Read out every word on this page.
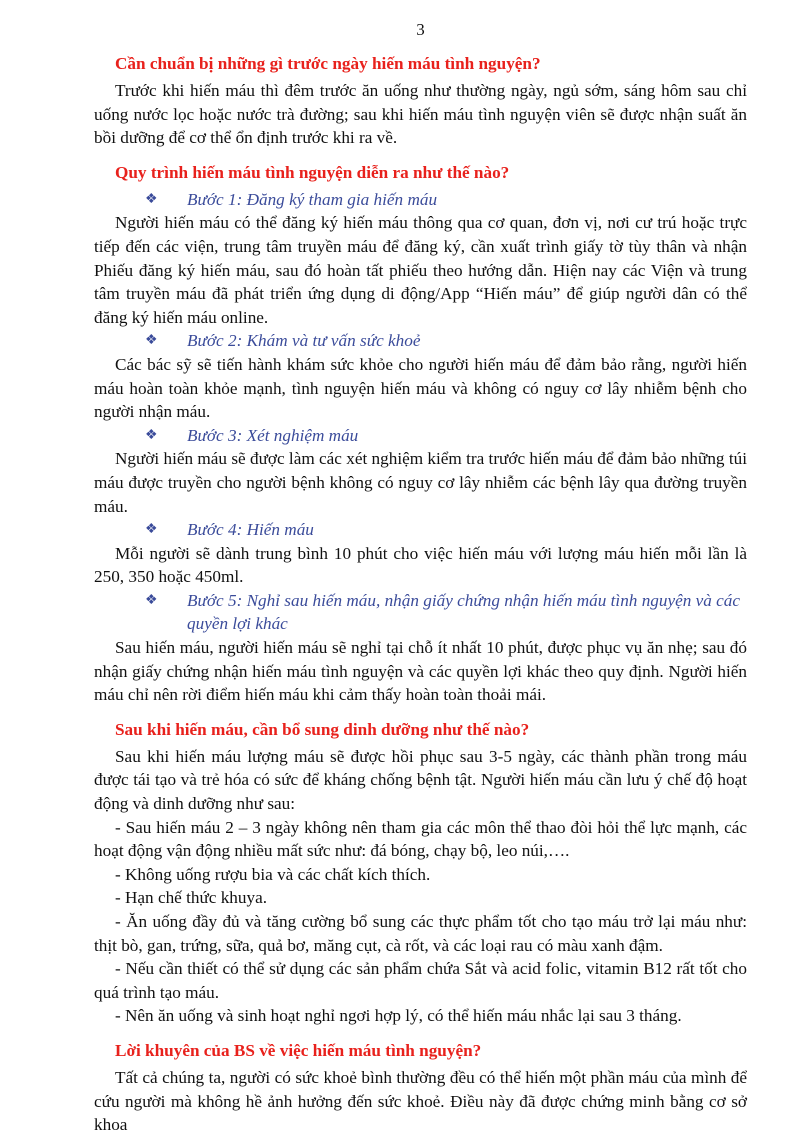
3
Cần chuẩn bị những gì trước ngày hiến máu tình nguyện?

Trước khi hiến máu thì đêm trước ăn uống như thường ngày, ngủ sớm, sáng hôm sau chỉ uống nước lọc hoặc nước trà đường; sau khi hiến máu tình nguyện viên sẽ được nhận suất ăn bồi dưỡng để cơ thể ổn định trước khi ra về.

Quy trình hiến máu tình nguyện diễn ra như thế nào?
❖	Bước 1: Đăng ký tham gia hiến máu

Người hiến máu có thể đăng ký hiến máu thông qua cơ quan, đơn vị, nơi cư trú hoặc trực tiếp đến các viện, trung tâm truyền máu để đăng ký, cần xuất trình giấy tờ tùy thân và nhận Phiếu đăng ký hiến máu, sau đó hoàn tất phiếu theo hướng dẫn. Hiện nay các Viện và trung tâm truyền máu đã phát triển ứng dụng di động/App “Hiến máu” để giúp người dân có thể đăng ký hiến máu online.

❖	Bước 2: Khám và tư vấn sức khoẻ

Các bác sỹ sẽ tiến hành khám sức khỏe cho người hiến máu để đảm bảo rằng, người hiến máu hoàn toàn khỏe mạnh, tình nguyện hiến máu và không có nguy cơ lây nhiễm bệnh cho người nhận máu.

❖	Bước 3: Xét nghiệm máu

Người hiến máu sẽ được làm các xét nghiệm kiểm tra trước hiến máu để đảm bảo những túi máu được truyền cho người bệnh không có nguy cơ lây nhiễm các bệnh lây qua đường truyền máu.

❖	Bước 4: Hiến máu

Mỗi người sẽ dành trung bình 10 phút cho việc hiến máu với lượng máu hiến mỗi lần là 250, 350 hoặc 450ml.

❖	Bước 5: Nghỉ sau hiến máu, nhận giấy chứng nhận hiến máu tình nguyện và các quyền lợi khác

Sau hiến máu, người hiến máu sẽ nghỉ tại chỗ ít nhất 10 phút, được phục vụ ăn nhẹ; sau đó nhận giấy chứng nhận hiến máu tình nguyện và các quyền lợi khác theo quy định. Người hiến máu chỉ nên rời điểm hiến máu khi cảm thấy hoàn toàn thoải mái.

Sau khi hiến máu, cần bổ sung dinh dưỡng như thế nào?

Sau khi hiến máu lượng máu sẽ được hồi phục sau 3-5 ngày, các thành phần trong máu được tái tạo và trẻ hóa có sức để kháng chống bệnh tật. Người hiến máu cần lưu ý chế độ hoạt động và dinh dưỡng như sau:

- Sau hiến máu 2 – 3 ngày không nên tham gia các môn thể thao đòi hỏi thể lực mạnh, các hoạt động vận động nhiều mất sức như: đá bóng, chạy bộ, leo núi,….

- Không uống rượu bia và các chất kích thích.

- Hạn chế thức khuya.

- Ăn uống đầy đủ và tăng cường bổ sung các thực phẩm tốt cho tạo máu trở lại máu như: thịt bò, gan, trứng, sữa, quả bơ, măng cụt, cà rốt, và các loại rau có màu xanh đậm.

- Nếu cần thiết có thể sử dụng các sản phẩm chứa Sắt và acid folic, vitamin B12 rất tốt cho quá trình tạo máu.

- Nên ăn uống và sinh hoạt nghỉ ngơi hợp lý, có thể hiến máu nhắc lại sau 3 tháng.

Lời khuyên của BS về việc hiến máu tình nguyện?

Tất cả chúng ta, người có sức khoẻ bình thường đều có thể hiến một phần máu của mình để cứu người mà không hề ảnh hưởng đến sức khoẻ. Điều này đã được chứng minh bằng cơ sở khoa
